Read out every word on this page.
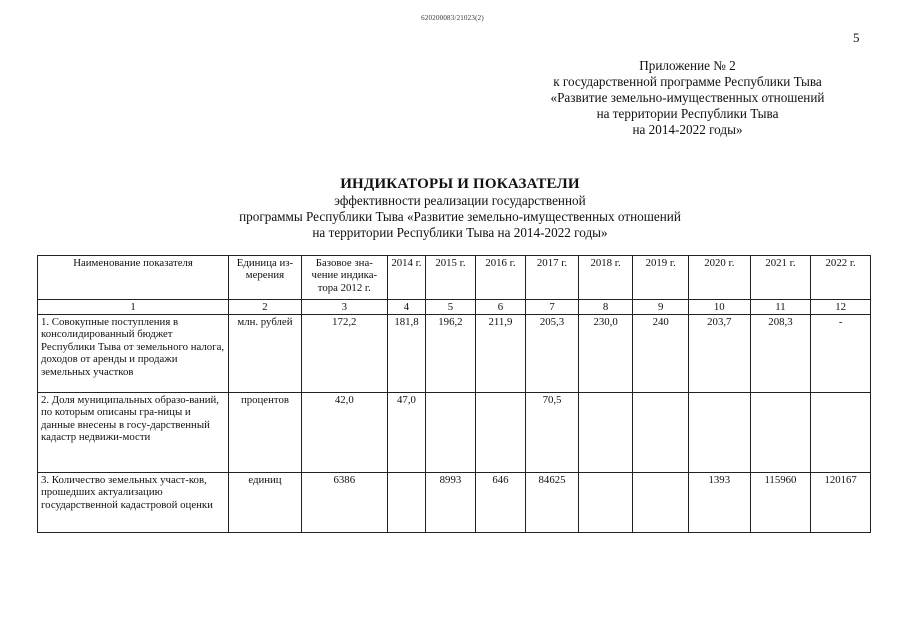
620200083/21023(2)
5
Приложение № 2
к государственной программе Республики Тыва
«Развитие земельно-имущественных отношений
на территории Республики Тыва
на 2014-2022 годы»
ИНДИКАТОРЫ И ПОКАЗАТЕЛИ
эффективности реализации государственной
программы Республики Тыва «Развитие земельно-имущественных отношений
на территории Республики Тыва на 2014-2022 годы»
Наименование показателя	Единица из-мерения	Базовое зна-чение индика-тора 2012 г.	2014 г.	2015 г.	2016 г.	2017 г.	2018 г.	2019 г.	2020 г.	2021 г.	2022 г.
1	2	3	4	5	6	7	8	9	10	11	12
1. Совокупные поступления в консолидированный бюджет Республики Тыва от земельного налога, доходов от аренды и продажи земельных участков	млн. рублей	172,2	181,8	196,2	211,9	205,3	230,0	240	203,7	208,3	-
2. Доля муниципальных образо-ваний, по которым описаны гра-ницы и данные внесены в госу-дарственный кадастр недвижи-мости	процентов	42,0	47,0			70,5					
3. Количество земельных участ-ков, прошедших актуализацию государственной кадастровой оценки	единиц	6386		8993	646	84625			1393	115960	120167
